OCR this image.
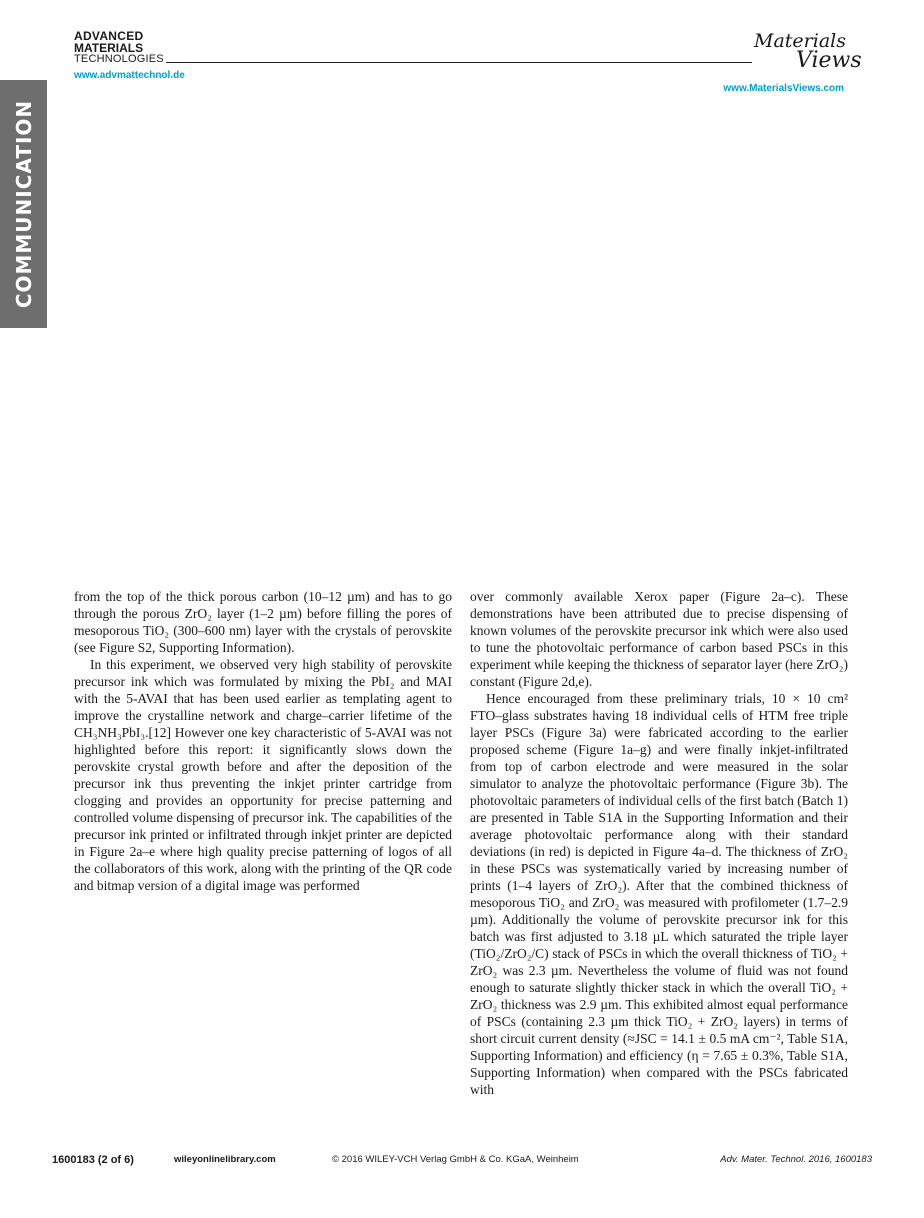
COMMUNICATION
ADVANCED
MATERIALS
TECHNOLOGIES
www.advmattechnol.de
Materials
Views
www.MaterialsViews.com

from the top of the thick porous carbon (10–12 µm) and has to go through the porous ZrO₂ layer (1–2 µm) before filling the pores of mesoporous TiO₂ (300–600 nm) layer with the crystals of perovskite (see Figure S2, Supporting Information).

In this experiment, we observed very high stability of perovskite precursor ink which was formulated by mixing the PbI₂ and MAI with the 5-AVAI that has been used earlier as templating agent to improve the crystalline network and charge–carrier lifetime of the CH₃NH₃PbI₃.[12] However one key characteristic of 5-AVAI was not highlighted before this report: it significantly slows down the perovskite crystal growth before and after the deposition of the precursor ink thus preventing the inkjet printer cartridge from clogging and provides an opportunity for precise patterning and controlled volume dispensing of precursor ink. The capabilities of the precursor ink printed or infiltrated through inkjet printer are depicted in Figure 2a–e where high quality precise patterning of logos of all the collaborators of this work, along with the printing of the QR code and bitmap version of a digital image was performed

over commonly available Xerox paper (Figure 2a–c). These demonstrations have been attributed due to precise dispensing of known volumes of the perovskite precursor ink which were also used to tune the photovoltaic performance of carbon based PSCs in this experiment while keeping the thickness of separator layer (here ZrO₂) constant (Figure 2d,e).

Hence encouraged from these preliminary trials, 10 × 10 cm² FTO–glass substrates having 18 individual cells of HTM free triple layer PSCs (Figure 3a) were fabricated according to the earlier proposed scheme (Figure 1a–g) and were finally inkjet-infiltrated from top of carbon electrode and were measured in the solar simulator to analyze the photovoltaic performance (Figure 3b). The photovoltaic parameters of individual cells of the first batch (Batch 1) are presented in Table S1A in the Supporting Information and their average photovoltaic performance along with their standard deviations (in red) is depicted in Figure 4a–d. The thickness of ZrO₂ in these PSCs was systematically varied by increasing number of prints (1–4 layers of ZrO₂). After that the combined thickness of mesoporous TiO₂ and ZrO₂ was measured with profilometer (1.7–2.9 µm). Additionally the volume of perovskite precursor ink for this batch was first adjusted to 3.18 µL which saturated the triple layer (TiO₂/ZrO₂/C) stack of PSCs in which the overall thickness of TiO₂ + ZrO₂ was 2.3 µm. Nevertheless the volume of fluid was not found enough to saturate slightly thicker stack in which the overall TiO₂ + ZrO₂ thickness was 2.9 µm. This exhibited almost equal performance of PSCs (containing 2.3 µm thick TiO₂ + ZrO₂ layers) in terms of short circuit current density (≈JSC = 14.1 ± 0.5 mA cm⁻², Table S1A, Supporting Information) and efficiency (η = 7.65 ± 0.3%, Table S1A, Supporting Information) when compared with the PSCs fabricated with

1600183 (2 of 6)	wileyonlinelibrary.com	© 2016 WILEY-VCH Verlag GmbH & Co. KGaA, Weinheim	Adv. Mater. Technol. 2016, 1600183
